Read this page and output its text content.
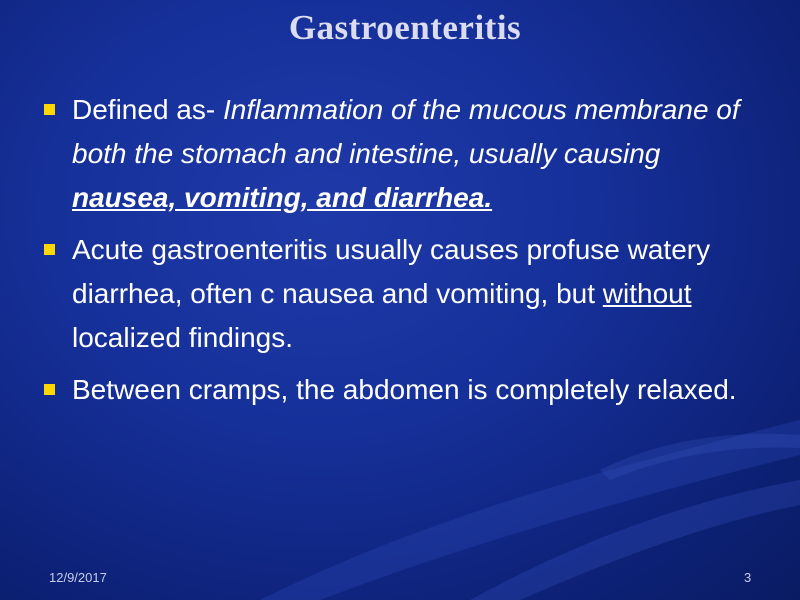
Gastroenteritis
Defined as- Inflammation of the mucous membrane of both the stomach and intestine, usually causing nausea, vomiting, and diarrhea.
Acute gastroenteritis usually causes profuse watery diarrhea, often c nausea and vomiting, but without localized findings.
Between cramps, the abdomen is completely relaxed.
12/9/2017	3
